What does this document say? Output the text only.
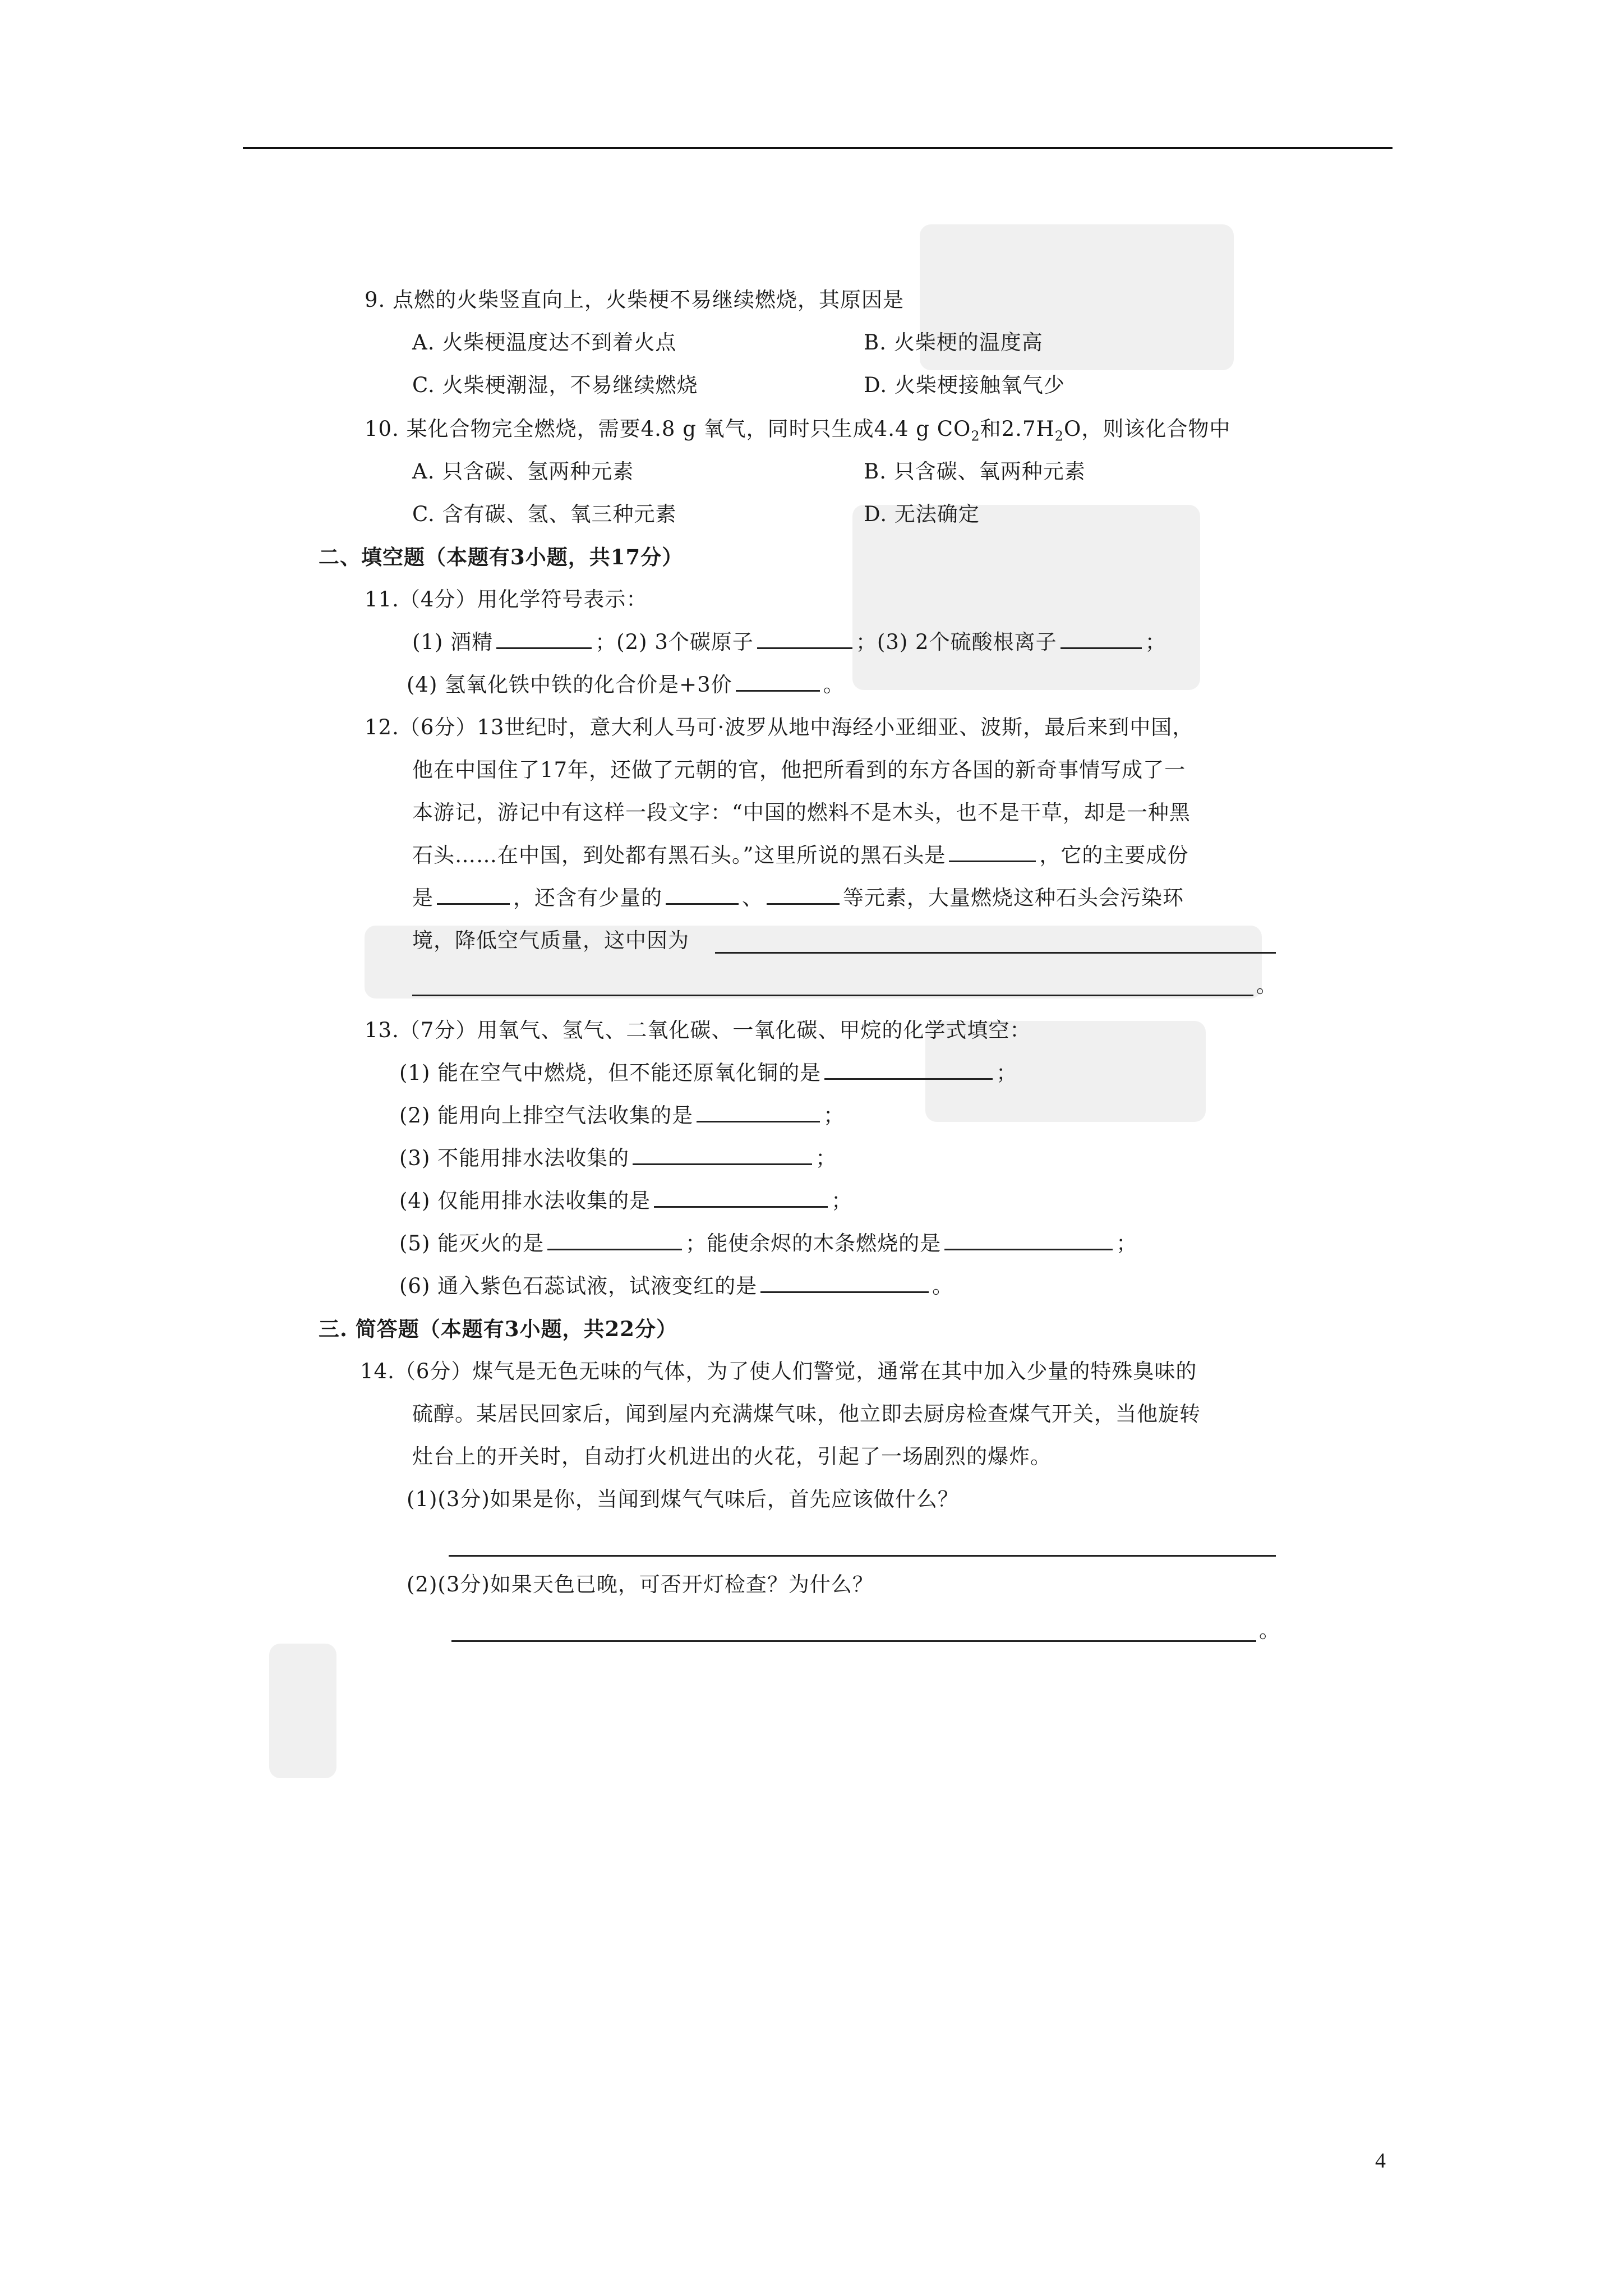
9. 点燃的火柴竖直向上，火柴梗不易继续燃烧，其原因是
A. 火柴梗温度达不到着火点	B. 火柴梗的温度高
C. 火柴梗潮湿，不易继续燃烧	D. 火柴梗接触氧气少
10. 某化合物完全燃烧，需要4.8 g 氧气，同时只生成4.4 g $CO_2$和$2.7H_2O$，则该化合物中
A. 只含碳、氢两种元素	B. 只含碳、氧两种元素
C. 含有碳、氢、氧三种元素	D. 无法确定
二、填空题（本题有3小题，共17分）
11.（4分）用化学符号表示：
(1) 酒精	；(2) 3个碳原子	；(3) 2个硫酸根离子	；
(4) 氢氧化铁中铁的化合价是+3价	。
12.（6分）13世纪时，意大利人马可·波罗从地中海经小亚细亚、波斯，最后来到中国，
他在中国住了17年，还做了元朝的官，他把所看到的东方各国的新奇事情写成了一
本游记，游记中有这样一段文字：“中国的燃料不是木头，也不是干草，却是一种黑
石头……在中国，到处都有黑石头。”这里所说的黑石头是	，它的主要成份
是	，还含有少量的	、	等元素，大量燃烧这种石头会污染环
境，降低空气质量，这中因为
。
13.（7分）用氧气、氢气、二氧化碳、一氧化碳、甲烷的化学式填空：
(1) 能在空气中燃烧，但不能还原氧化铜的是	；
(2) 能用向上排空气法收集的是	；
(3) 不能用排水法收集的	；
(4) 仅能用排水法收集的是	；
(5) 能灭火的是	；能使余烬的木条燃烧的是	；
(6) 通入紫色石蕊试液，试液变红的是	。
三. 简答题（本题有3小题，共22分）
14.（6分）煤气是无色无味的气体，为了使人们警觉，通常在其中加入少量的特殊臭味的
硫醇。某居民回家后，闻到屋内充满煤气味，他立即去厨房检查煤气开关，当他旋转
灶台上的开关时，自动打火机进出的火花，引起了一场剧烈的爆炸。
(1)(3分)如果是你，当闻到煤气气味后，首先应该做什么？
(2)(3分)如果天色已晚，可否开灯检查？为什么？
。
4
